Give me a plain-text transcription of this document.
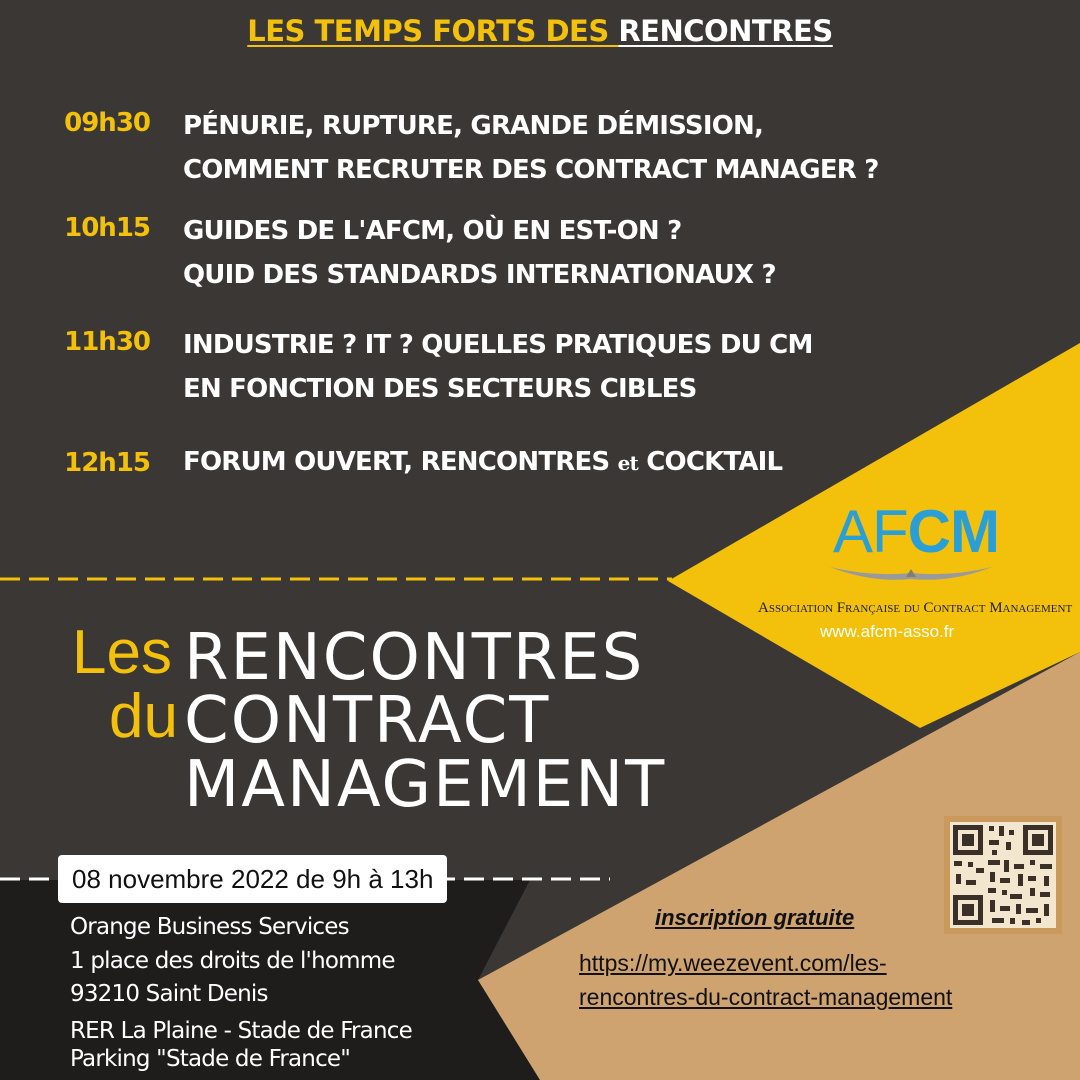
LES TEMPS FORTS DES RENCONTRES
09h30 PÉNURIE, RUPTURE, GRANDE DÉMISSION,
COMMENT RECRUTER DES CONTRACT MANAGER ?
10h15 GUIDES DE L'AFCM, OÙ EN EST-ON ?
QUID DES STANDARDS INTERNATIONAUX ?
11h30 INDUSTRIE ? IT ? QUELLES PRATIQUES DU CM
EN FONCTION DES SECTEURS CIBLES
12h15 FORUM OUVERT, RENCONTRES et COCKTAIL
AFCM
Association Française du Contract Management
www.afcm-asso.fr
Les
du
RENCONTRES
CONTRACT
MANAGEMENT
08 novembre 2022 de 9h à 13h
Orange Business Services
1 place des droits de l'homme
93210 Saint Denis
RER La Plaine - Stade de France
Parking "Stade de France"
inscription gratuite
https://my.weezevent.com/les-
rencontres-du-contract-management
